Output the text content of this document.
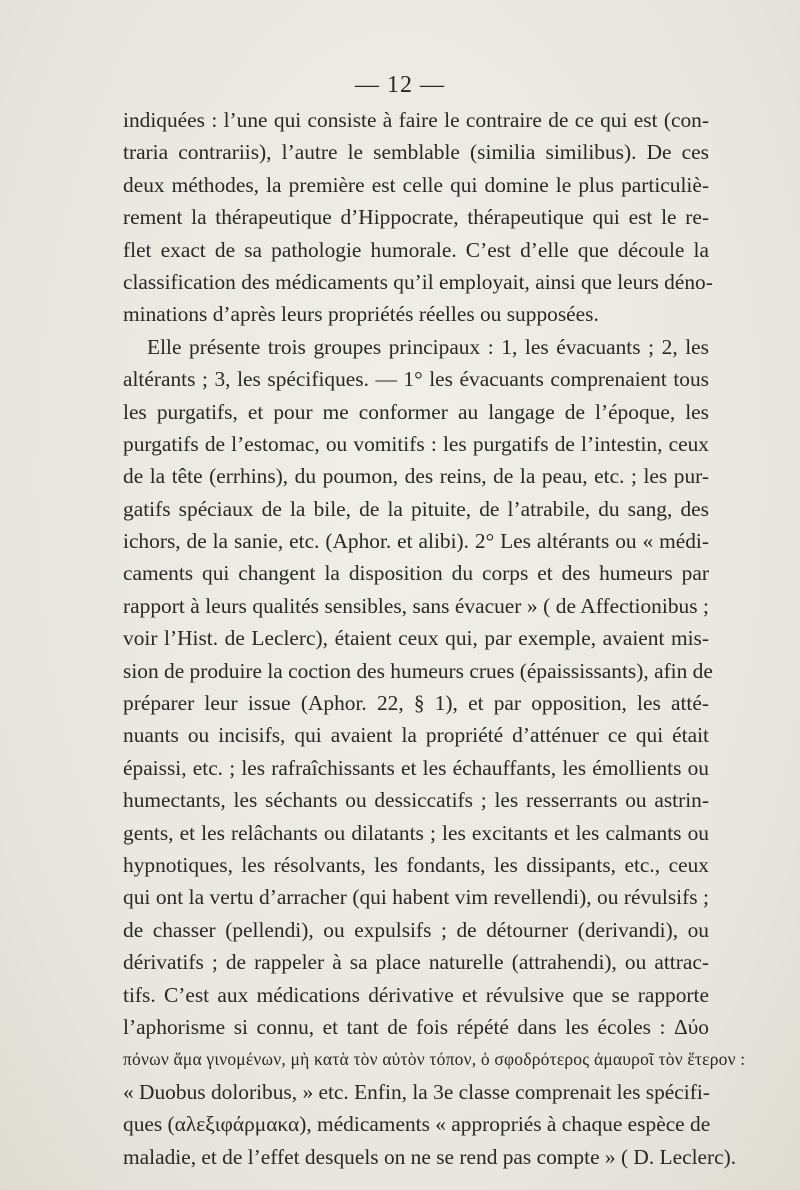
— 12 —
indiquées : l’une qui consiste à faire le contraire de ce qui est (con-
traria contrariis), l’autre le semblable (similia similibus). De ces
deux méthodes, la première est celle qui domine le plus particuliè-
rement la thérapeutique d’Hippocrate, thérapeutique qui est le re-
flet exact de sa pathologie humorale. C’est d’elle que découle la
classification des médicaments qu’il employait, ainsi que leurs déno-
minations d’après leurs propriétés réelles ou supposées.
Elle présente trois groupes principaux : 1, les évacuants ; 2, les
altérants ; 3, les spécifiques. — 1° les évacuants comprenaient tous
les purgatifs, et pour me conformer au langage de l’époque, les
purgatifs de l’estomac, ou vomitifs : les purgatifs de l’intestin, ceux
de la tête (errhins), du poumon, des reins, de la peau, etc. ; les pur-
gatifs spéciaux de la bile, de la pituite, de l’atrabile, du sang, des
ichors, de la sanie, etc. (Aphor. et alibi). 2° Les altérants ou « médi-
caments qui changent la disposition du corps et des humeurs par
rapport à leurs qualités sensibles, sans évacuer » ( de Affectionibus ;
voir l’Hist. de Leclerc), étaient ceux qui, par exemple, avaient mis-
sion de produire la coction des humeurs crues (épaississants), afin de
préparer leur issue (Aphor. 22, § 1), et par opposition, les atté-
nuants ou incisifs, qui avaient la propriété d’atténuer ce qui était
épaissi, etc. ; les rafraîchissants et les échauffants, les émollients ou
humectants, les séchants ou dessiccatifs ; les resserrants ou astrin-
gents, et les relâchants ou dilatants ; les excitants et les calmants ou
hypnotiques, les résolvants, les fondants, les dissipants, etc., ceux
qui ont la vertu d’arracher (qui habent vim revellendi), ou révulsifs ;
de chasser (pellendi), ou expulsifs ; de détourner (derivandi), ou
dérivatifs ; de rappeler à sa place naturelle (attrahendi), ou attrac-
tifs. C’est aux médications dérivative et révulsive que se rapporte
l’aphorisme si connu, et tant de fois répété dans les écoles : Δύο
πόνων ἅμα γινομένων, μὴ κατὰ τὸν αὐτὸν τόπον, ὁ σφοδρότερος ἀμαυροῖ τὸν ἕτερον :
« Duobus doloribus, » etc. Enfin, la 3e classe comprenait les spécifi-
ques (αλεξιφάρμακα), médicaments « appropriés à chaque espèce de
maladie, et de l’effet desquels on ne se rend pas compte » ( D. Leclerc).
